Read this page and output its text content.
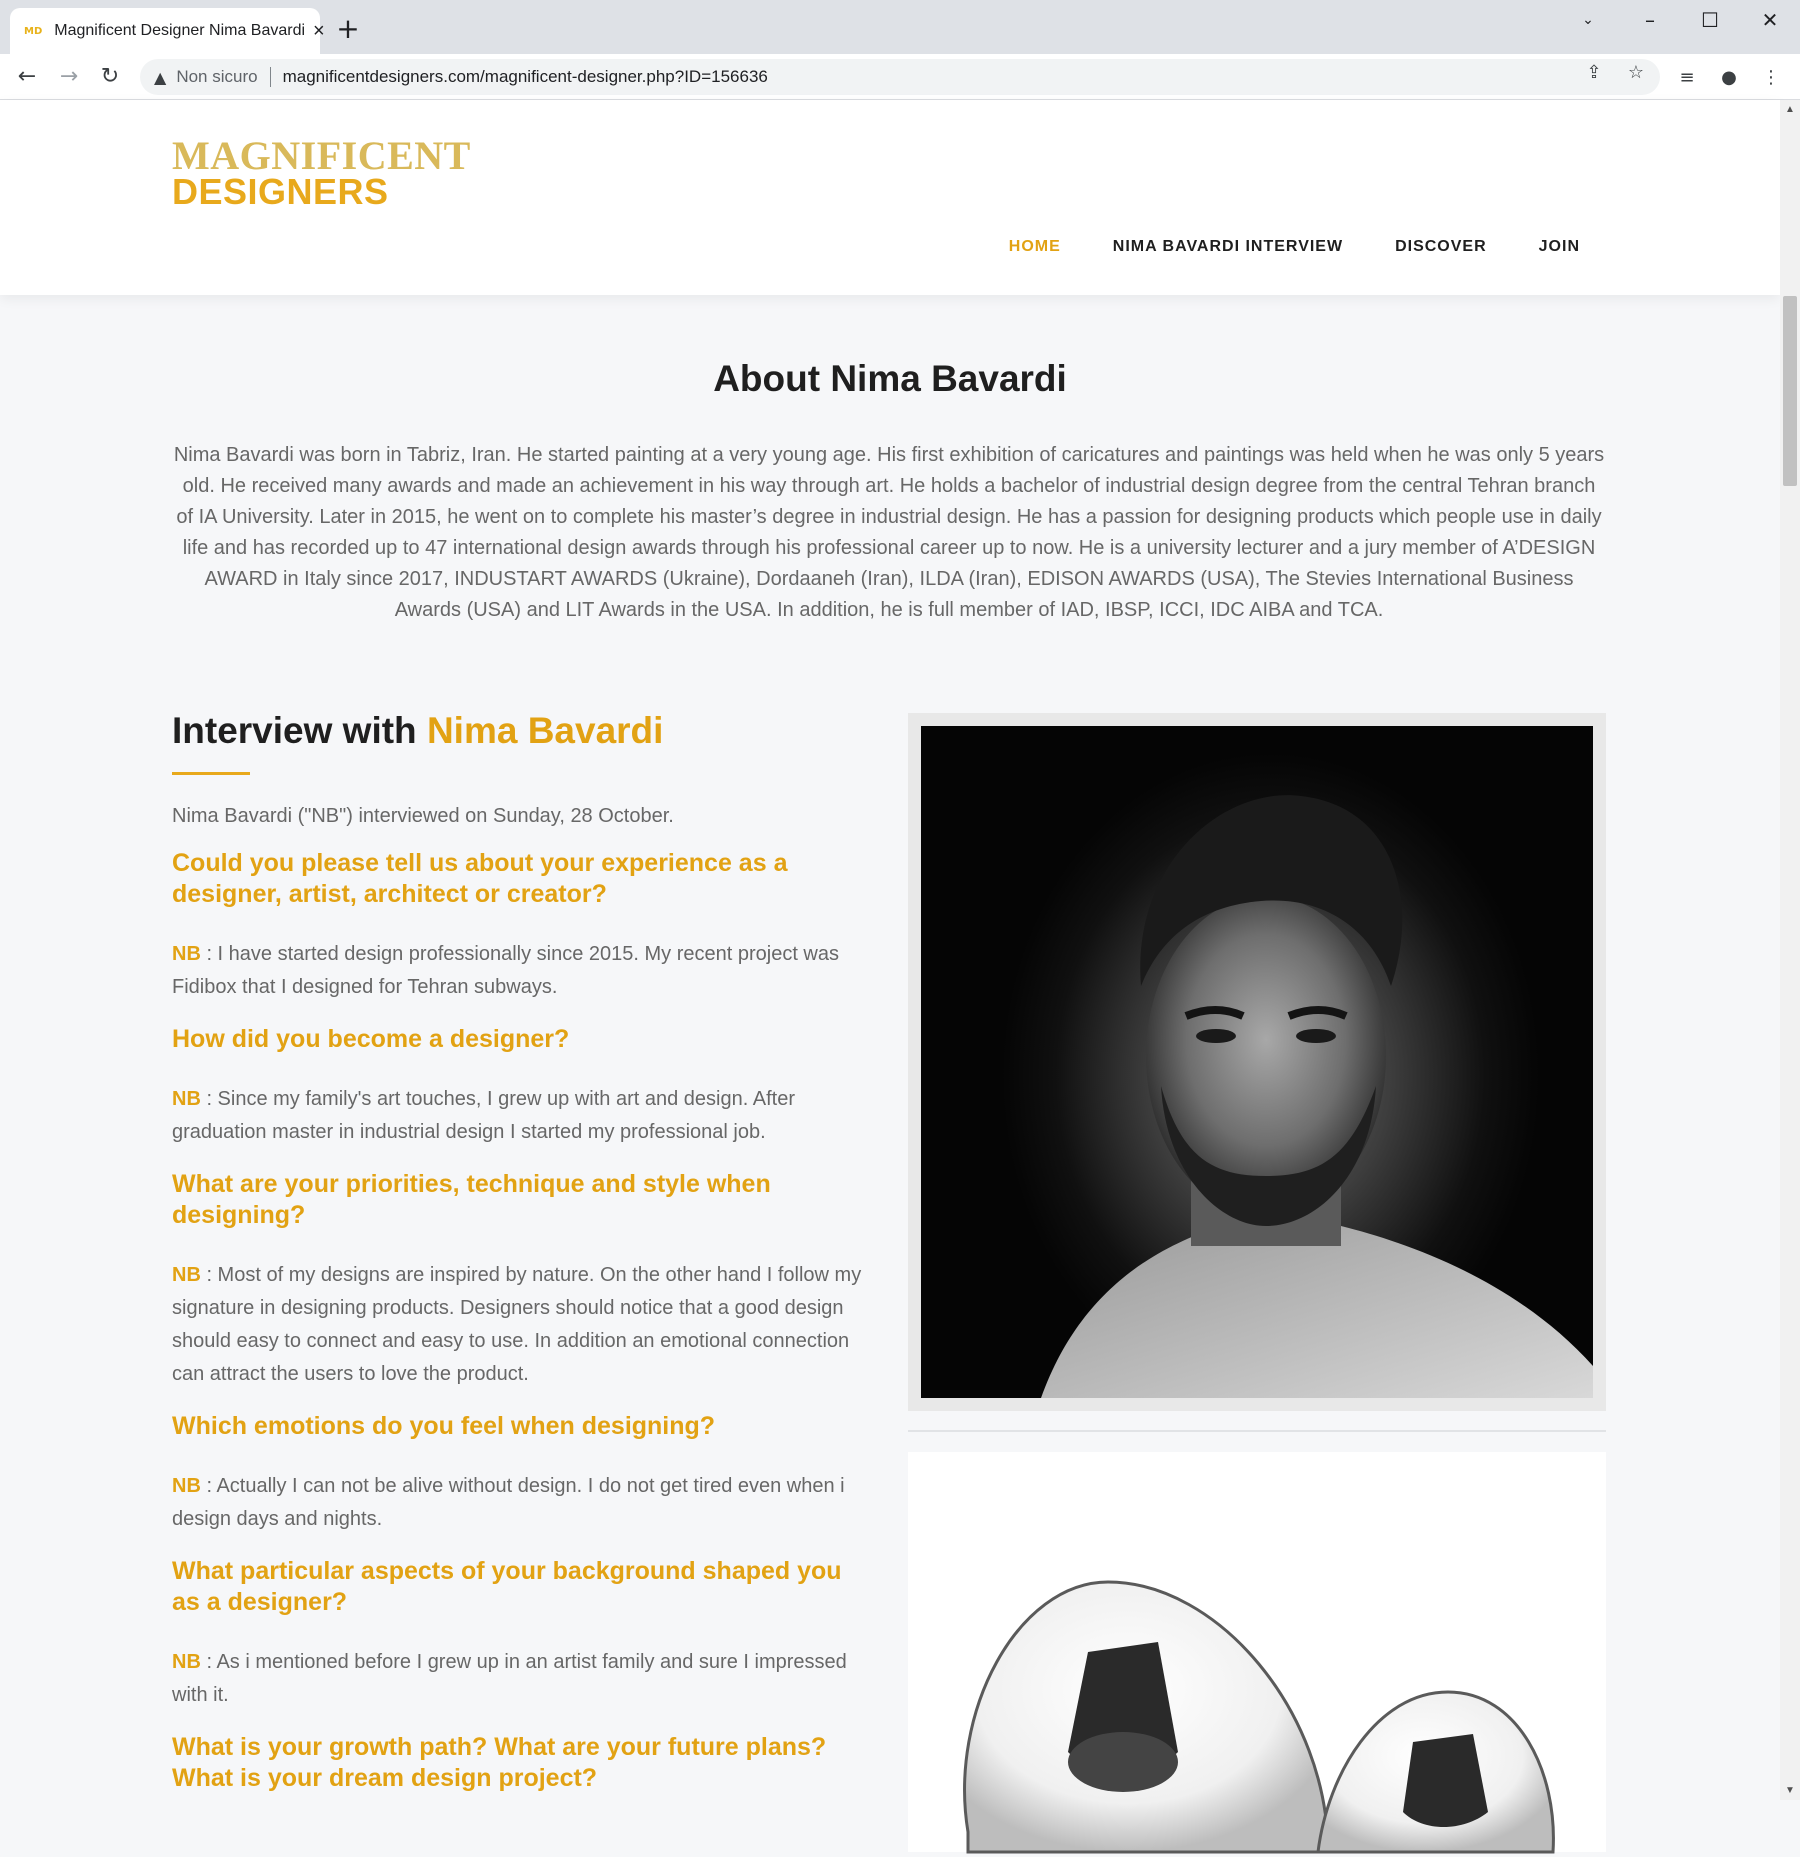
MD Magnificent Designer Nima Bavardi × +	⌄	–	☐	✕
← → ↻	▲ Non sicuro magnificentdesigners.com/magnificent-designer.php?ID=156636	⇪ ☆	≡	● ⋮
MAGNIFICENT
DESIGNERS
HOME	NIMA BAVARDI INTERVIEW	DISCOVER	JOIN
About Nima Bavardi

Nima Bavardi was born in Tabriz, Iran. He started painting at a very young age. His first exhibition of caricatures and paintings was held when he was only 5 years old. He received many awards and made an achievement in his way through art. He holds a bachelor of industrial design degree from the central Tehran branch of IA University. Later in 2015, he went on to complete his master’s degree in industrial design. He has a passion for designing products which people use in daily life and has recorded up to 47 international design awards through his professional career up to now. He is a university lecturer and a jury member of A’DESIGN AWARD in Italy since 2017, INDUSTART AWARDS (Ukraine), Dordaaneh (Iran), ILDA (Iran), EDISON AWARDS (USA), The Stevies International Business Awards (USA) and LIT Awards in the USA. In addition, he is full member of IAD, IBSP, ICCI, IDC AIBA and TCA.

Interview with Nima Bavardi

Nima Bavardi ("NB") interviewed on Sunday, 28 October.

Could you please tell us about your experience as a designer, artist, architect or creator?

NB : I have started design professionally since 2015. My recent project was Fidibox that I designed for Tehran subways.

How did you become a designer?

NB : Since my family's art touches, I grew up with art and design. After graduation master in industrial design I started my professional job.

What are your priorities, technique and style when designing?

NB : Most of my designs are inspired by nature. On the other hand I follow my signature in designing products. Designers should notice that a good design should easy to connect and easy to use. In addition an emotional connection can attract the users to love the product.

Which emotions do you feel when designing?

NB : Actually I can not be alive without design. I do not get tired even when i design days and nights.

What particular aspects of your background shaped you as a designer?

NB : As i mentioned before I grew up in an artist family and sure I impressed with it.

What is your growth path? What are your future plans? What is your dream design project?
▲
▼
